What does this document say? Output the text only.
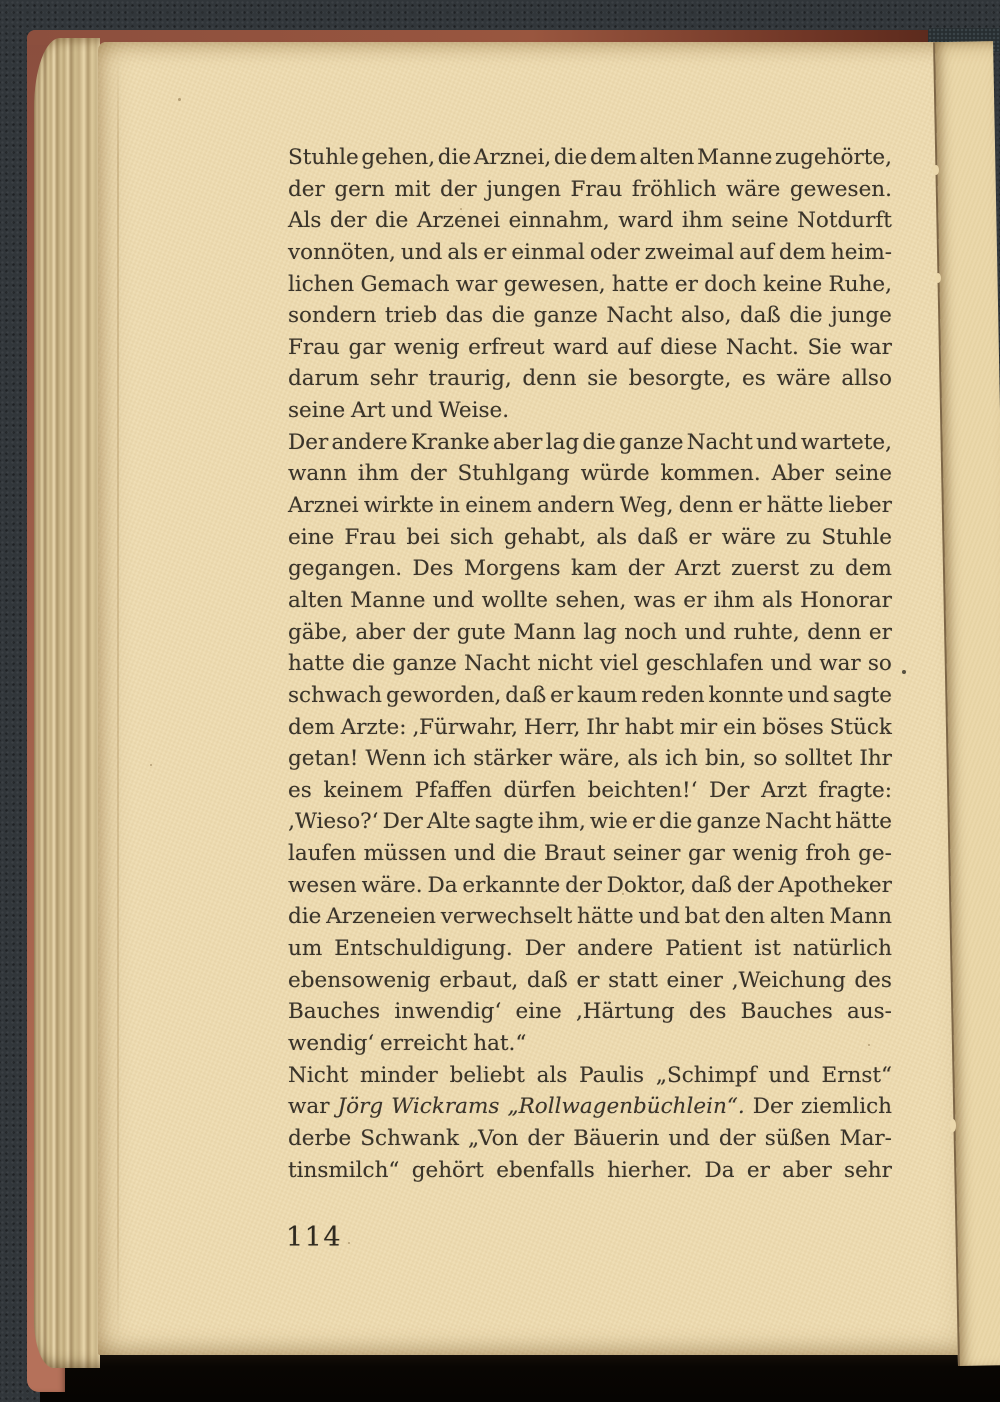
Stuhle gehen, die Arznei, die dem alten Manne zugehörte,
der gern mit der jungen Frau fröhlich wäre gewesen.
Als der die Arzenei einnahm, ward ihm seine Notdurft
vonnöten, und als er einmal oder zweimal auf dem heim-
lichen Gemach war gewesen, hatte er doch keine Ruhe,
sondern trieb das die ganze Nacht also, daß die junge
Frau gar wenig erfreut ward auf diese Nacht. Sie war
darum sehr traurig, denn sie besorgte, es wäre allso
seine Art und Weise.
Der andere Kranke aber lag die ganze Nacht und wartete,
wann ihm der Stuhlgang würde kommen. Aber seine
Arznei wirkte in einem andern Weg, denn er hätte lieber
eine Frau bei sich gehabt, als daß er wäre zu Stuhle
gegangen. Des Morgens kam der Arzt zuerst zu dem
alten Manne und wollte sehen, was er ihm als Honorar
gäbe, aber der gute Mann lag noch und ruhte, denn er
hatte die ganze Nacht nicht viel geschlafen und war so
schwach geworden, daß er kaum reden konnte und sagte
dem Arzte: ‚Fürwahr, Herr, Ihr habt mir ein böses Stück
getan! Wenn ich stärker wäre, als ich bin, so solltet Ihr
es keinem Pfaffen dürfen beichten!‘ Der Arzt fragte:
‚Wieso?‘ Der Alte sagte ihm, wie er die ganze Nacht hätte
laufen müssen und die Braut seiner gar wenig froh ge-
wesen wäre. Da erkannte der Doktor, daß der Apotheker
die Arzeneien verwechselt hätte und bat den alten Mann
um Entschuldigung. Der andere Patient ist natürlich
ebensowenig erbaut, daß er statt einer ‚Weichung des
Bauches inwendig‘ eine ‚Härtung des Bauches aus-
wendig‘ erreicht hat.“
Nicht minder beliebt als Paulis „Schimpf und Ernst“
war Jörg Wickrams „Rollwagenbüchlein“. Der ziemlich
derbe Schwank „Von der Bäuerin und der süßen Mar-
tinsmilch“ gehört ebenfalls hierher. Da er aber sehr
114
